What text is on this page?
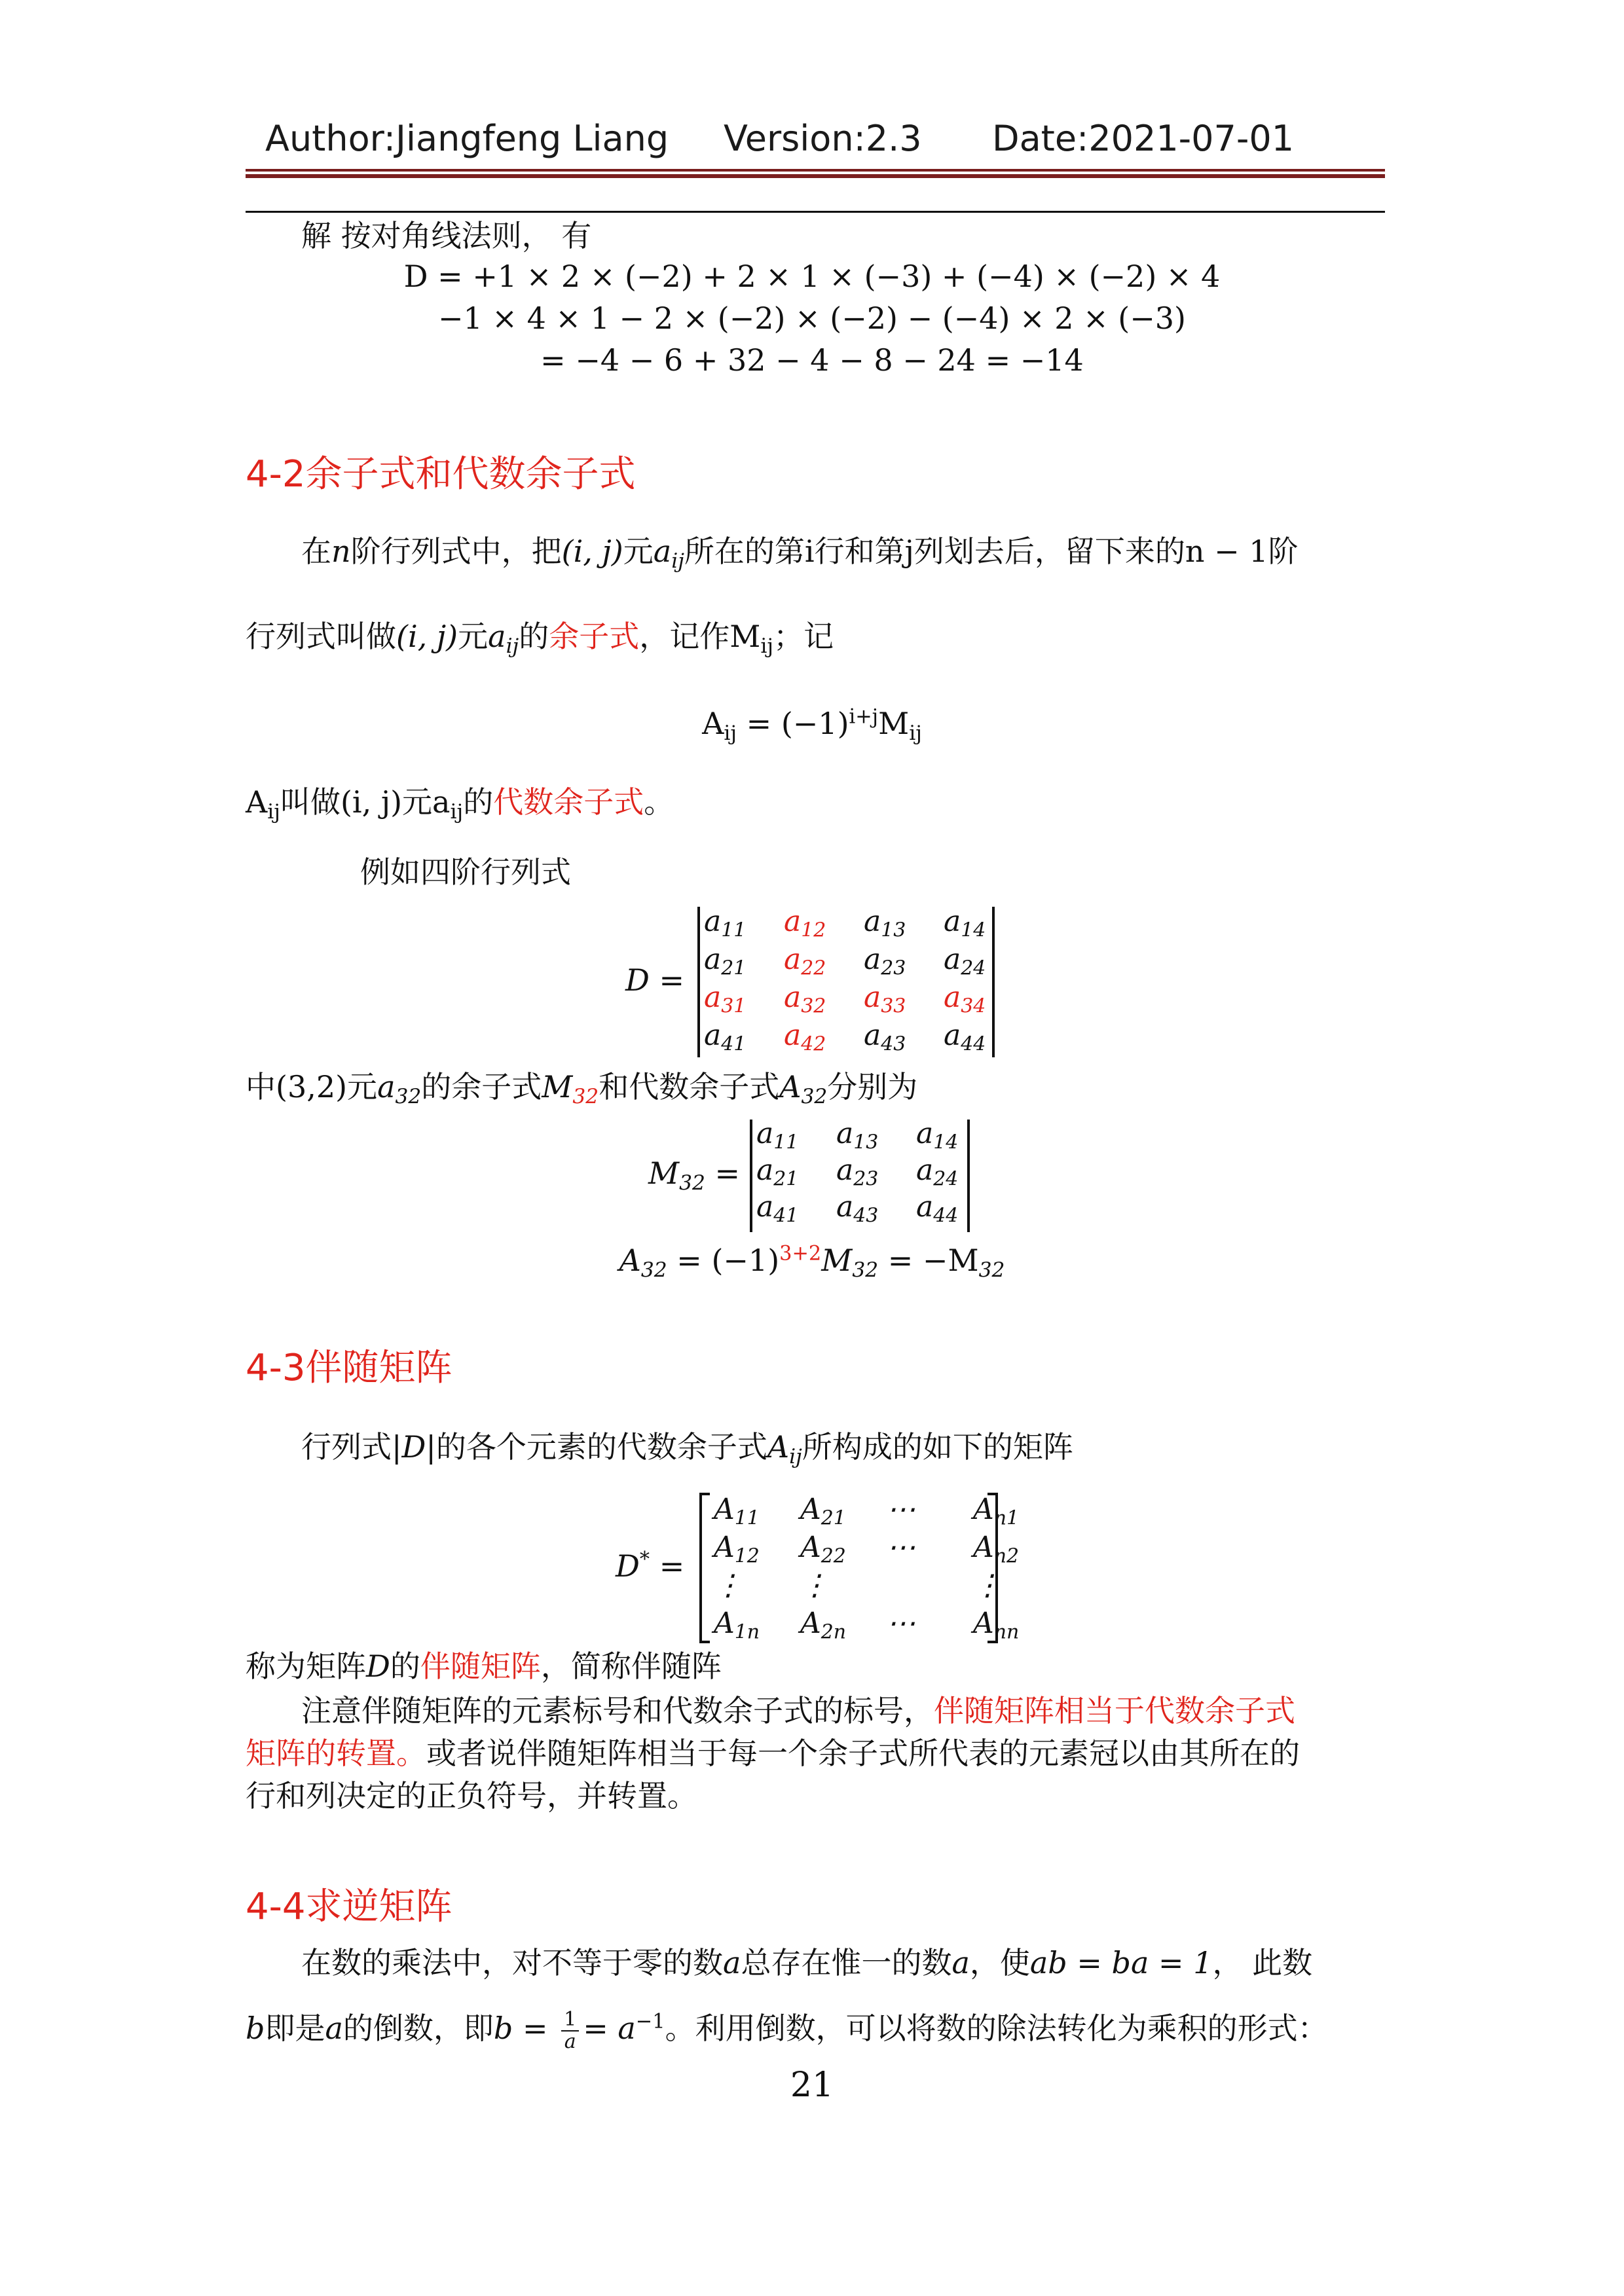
Author:Jiangfeng Liang Version:2.3 Date:2021-07-01
解 按对角线法则， 有
D = +1 × 2 × (−2) + 2 × 1 × (−3) + (−4) × (−2) × 4
−1 × 4 × 1 − 2 × (−2) × (−2) − (−4) × 2 × (−3)
= −4 − 6 + 32 − 4 − 8 − 24 = −14
4-2余子式和代数余子式
在n阶行列式中，把(i, j)元$a_{ij}$所在的第i行和第j列划去后，留下来的n − 1阶
行列式叫做(i, j)元$a_{ij}$的余子式，记作$M_{ij}$；记
$A_{ij} = (-1)^{i+j}M_{ij}$
$A_{ij}$叫做(i, j)元$a_{ij}$的代数余子式。
例如四阶行列式
D =
$a_{11}$ $a_{12}$ $a_{13}$ $a_{14}$
$a_{21}$ $a_{22}$ $a_{23}$ $a_{24}$
$a_{31}$ $a_{32}$ $a_{33}$ $a_{34}$
$a_{41}$ $a_{42}$ $a_{43}$ $a_{44}$
中(3,2)元$a_{32}$的余子式$M_{32}$和代数余子式$A_{32}$分别为
$M_{32}$ =
$a_{11}$ $a_{13}$ $a_{14}$
$a_{21}$ $a_{23}$ $a_{24}$
$a_{41}$ $a_{43}$ $a_{44}$
$A_{32} = (-1)^{3+2}M_{32} = -M_{32}$
4-3伴随矩阵
行列式|D|的各个元素的代数余子式$A_{ij}$所构成的如下的矩阵
D* =
$A_{11}$ $A_{21}$ ⋯ $A_{n1}$
$A_{12}$ $A_{22}$ ⋯ $A_{n2}$
⋮ ⋮	⋮
$A_{1n}$ $A_{2n}$ ⋯ $A_{nn}$
称为矩阵D的伴随矩阵，简称伴随阵
注意伴随矩阵的元素标号和代数余子式的标号，伴随矩阵相当于代数余子式
矩阵的转置。或者说伴随矩阵相当于每一个余子式所代表的元素冠以由其所在的
行和列决定的正负符号，并转置。
4-4求逆矩阵
在数的乘法中，对不等于零的数a总存在惟一的数a，使ab = ba = 1， 此数
b即是a的倒数，即$b = \frac{1}{a} = a^{-1}$。利用倒数，可以将数的除法转化为乘积的形式：
21
